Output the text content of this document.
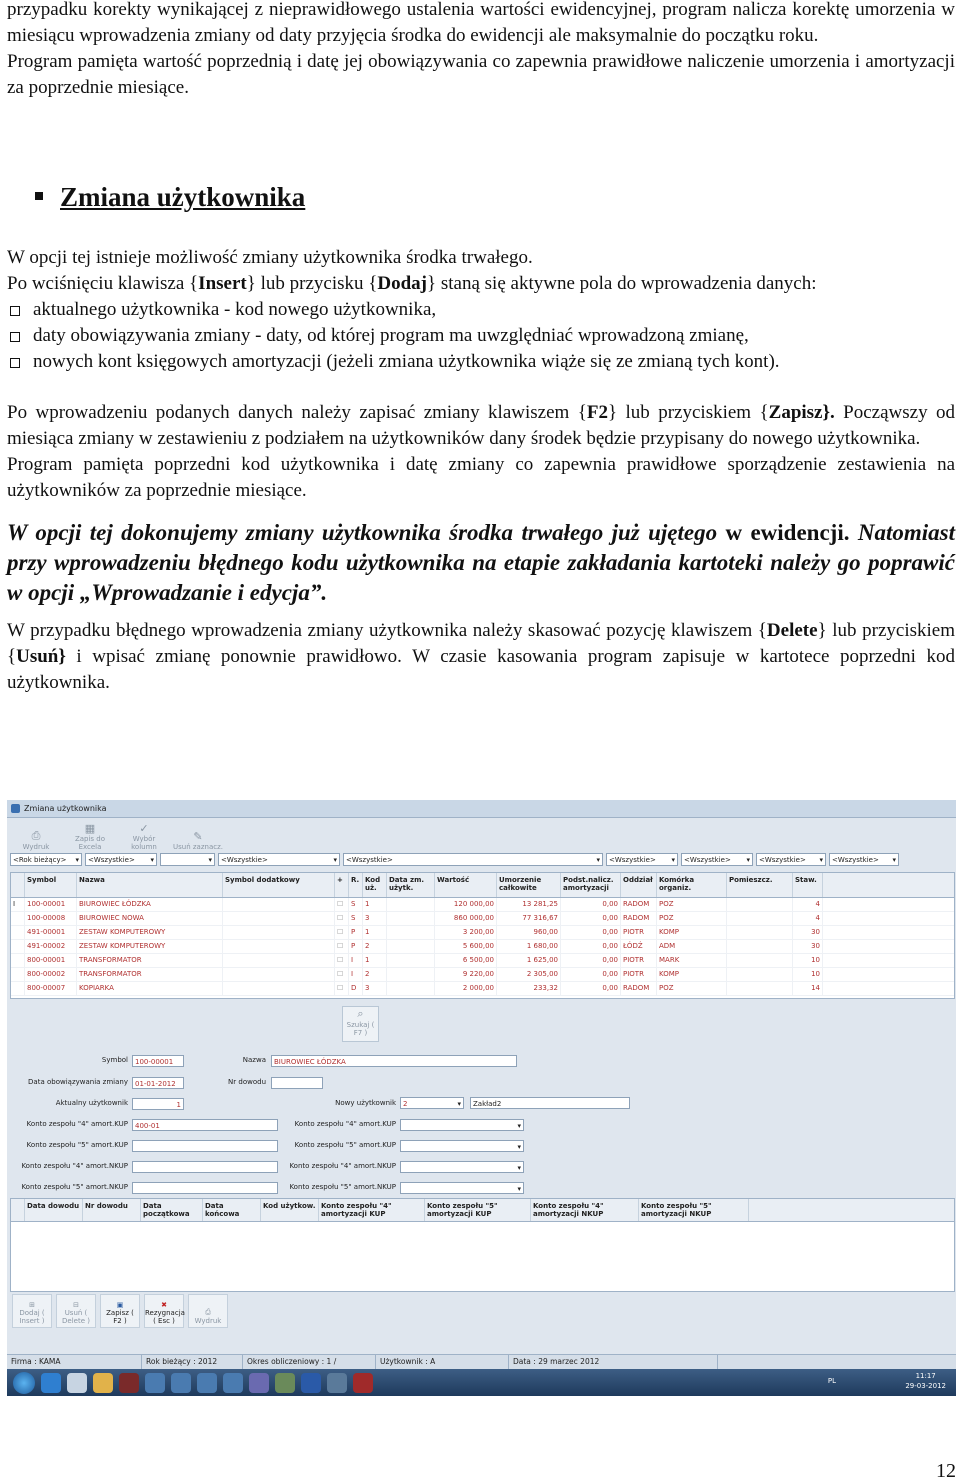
przypadku korekty wynikającej z nieprawidłowego ustalenia wartości ewidencyjnej, program nalicza korektę umorzenia w miesiącu wprowadzenia zmiany od daty przyjęcia środka do ewidencji ale maksymalnie do początku roku.

Program pamięta wartość poprzednią i datę jej obowiązywania co zapewnia prawidłowe naliczenie umorzenia i amortyzacji za poprzednie miesiące.

Zmiana użytkownika

W opcji tej istnieje możliwość zmiany użytkownika środka trwałego.

Po wciśnięciu klawisza {Insert} lub przycisku {Dodaj} staną się aktywne pola do wprowadzenia danych:

aktualnego użytkownika - kod nowego użytkownika,
daty obowiązywania zmiany - daty, od której program ma uwzględniać wprowadzoną zmianę,
nowych kont księgowych amortyzacji (jeżeli zmiana użytkownika wiąże się ze zmianą tych kont).

Po wprowadzeniu podanych danych należy zapisać zmiany klawiszem {F2} lub przyciskiem {Zapisz}. Począwszy od miesiąca zmiany w zestawieniu z podziałem na użytkowników dany środek będzie przypisany do nowego użytkownika.

Program pamięta poprzedni kod użytkownika i datę zmiany co zapewnia prawidłowe sporządzenie zestawienia na użytkowników za poprzednie miesiące.

W opcji tej dokonujemy zmiany użytkownika środka trwałego już ujętego w ewidencji. Natomiast przy wprowadzeniu błędnego kodu użytkownika na etapie zakładania kartoteki należy go poprawić w opcji „Wprowadzanie i edycja”.

W przypadku błędnego wprowadzenia zmiany użytkownika należy skasować pozycję klawiszem {Delete} lub przyciskiem {Usuń} i wpisać zmianę ponownie prawidłowo. W czasie kasowania program zapisuje w kartotece poprzedni kod użytkownika.

Zmiana użytkownika
⎙
Wydruk
▦
Zapis do Excela
✓
Wybór kolumn
✎
Usuń zaznacz.
<Rok bieżący> ▾	<Wszystkie> ▾
▾	<Wszystkie> ▾	<Wszystkie> ▾	<Wszystkie> ▾	<Wszystkie> ▾	<Wszystkie> ▾	<Wszystkie> ▾
Symbol	Nazwa	Symbol dodatkowy	+	R. Kod uż.
Data zm. użytk.
Wartość	Umorzenie całkowite
Podst.nalicz. amortyzacji
Oddział Komórka organiz.
Pomieszcz.	Staw.
I	100-00001	BIUROWIEC ŁÓDZKA	☐	S	1	120 000,00	13 281,25	0,00 RADOM	POZ	4
100-00008	BIUROWIEC NOWA	☐	S	3	860 000,00	77 316,67	0,00 RADOM	POZ	4
491-00001	ZESTAW KOMPUTEROWY	☐	P	1	3 200,00	960,00	0,00 PIOTR	KOMP	30
491-00002	ZESTAW KOMPUTEROWY	☐	P	2	5 600,00	1 680,00	0,00 ŁÓDŹ	ADM	30
800-00001	TRANSFORMATOR	☐	I	1	6 500,00	1 625,00	0,00 PIOTR	MARK	10
800-00002	TRANSFORMATOR	☐	I	2	9 220,00	2 305,00	0,00 PIOTR	KOMP	10
800-00007	KOPIARKA	☐	D	3	2 000,00	233,32	0,00 RADOM	POZ	14
⌕
Szukaj ( F7 )
Symbol	100-00001	Nazwa	BIUROWIEC ŁÓDZKA
Data obowiązywania zmiany	01-01-2012	Nr dowodu
Aktualny użytkownik	1	Nowy użytkownik	2 ▾	Zakład2
Konto zespołu "4" amort.KUP	400-01	Konto zespołu "4" amort.KUP
▾
Konto zespołu "5" amort.KUP	Konto zespołu "5" amort.KUP
▾
Konto zespołu "4" amort.NKUP	Konto zespołu "4" amort.NKUP
▾
Konto zespołu "5" amort.NKUP	Konto zespołu "5" amort.NKUP
▾
Data dowodu Nr dowodu	Data początkowa
Data końcowa
Kod użytkow. Konto zespołu "4" amortyzacji KUP
Konto zespołu "5" amortyzacji KUP
Konto zespołu "4" amortyzacji NKUP
Konto zespołu "5" amortyzacji NKUP
⊞
Dodaj ( Insert )
⊟
Usuń ( Delete )
▣
Zapisz ( F2 )
✖
Rezygnacja ( Esc )
⎙
Wydruk
Firma : KAMA	Rok bieżący : 2012	Okres obliczeniowy : 1 /	Użytkownik : A	Data : 29 marzec 2012
PL
11:17
29-03-2012
12
